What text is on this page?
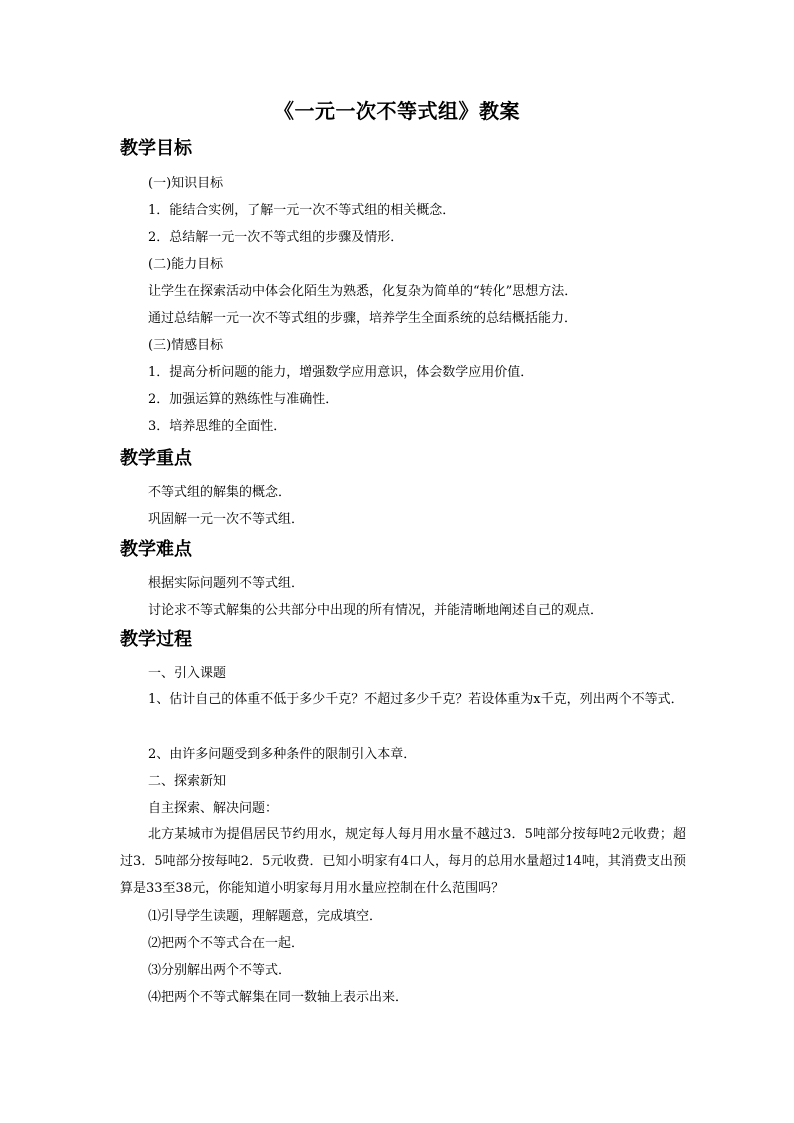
《一元一次不等式组》教案
教学目标
(一)知识目标
1．能结合实例，了解一元一次不等式组的相关概念．
2．总结解一元一次不等式组的步骤及情形．
(二)能力目标
让学生在探索活动中体会化陌生为熟悉，化复杂为简单的“转化”思想方法．
通过总结解一元一次不等式组的步骤，培养学生全面系统的总结概括能力．
(三)情感目标
1．提高分析问题的能力，增强数学应用意识，体会数学应用价值．
2．加强运算的熟练性与准确性．
3．培养思维的全面性．
教学重点
不等式组的解集的概念．
巩固解一元一次不等式组．
教学难点
根据实际问题列不等式组．
讨论求不等式解集的公共部分中出现的所有情况，并能清晰地阐述自己的观点．
教学过程
一、引入课题
1、估计自己的体重不低于多少千克？不超过多少千克？若设体重为x千克，列出两个不等式．
2、由许多问题受到多种条件的限制引入本章．
二、探索新知
自主探索、解决问题：
北方某城市为提倡居民节约用水，规定每人每月用水量不越过3．5吨部分按每吨2元收费；超过3．5吨部分按每吨2．5元收费．已知小明家有4口人，每月的总用水量超过14吨，其消费支出预算是33至38元，你能知道小明家每月用水量应控制在什么范围吗？
⑴引导学生读题，理解题意，完成填空．
⑵把两个不等式合在一起．
⑶分别解出两个不等式．
⑷把两个不等式解集在同一数轴上表示出来．
